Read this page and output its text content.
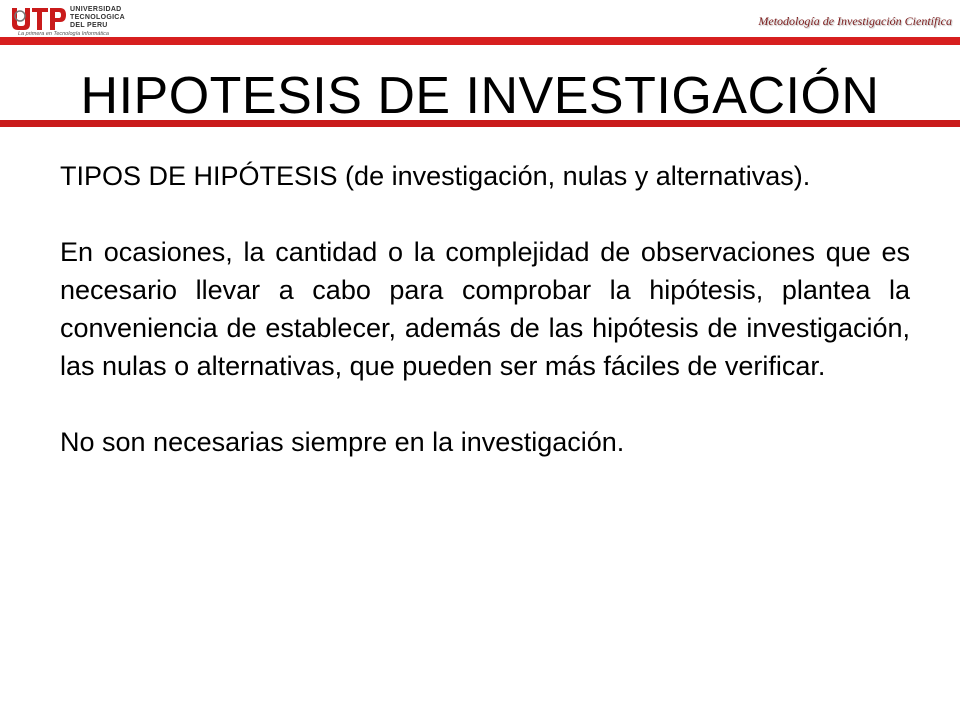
UNIVERSIDAD
TECNOLOGICA
DEL PERU
La primera en Tecnología Informática
Metodología de Investigación Científica
HIPOTESIS DE INVESTIGACIÓN

TIPOS DE HIPÓTESIS (de investigación, nulas y alternativas).

En ocasiones, la cantidad o la complejidad de observaciones que es necesario llevar a cabo para comprobar la hipótesis, plantea la conveniencia de establecer, además de las hipótesis de investigación, las nulas o alternativas, que pueden ser más fáciles de verificar.

No son necesarias siempre en la investigación.
